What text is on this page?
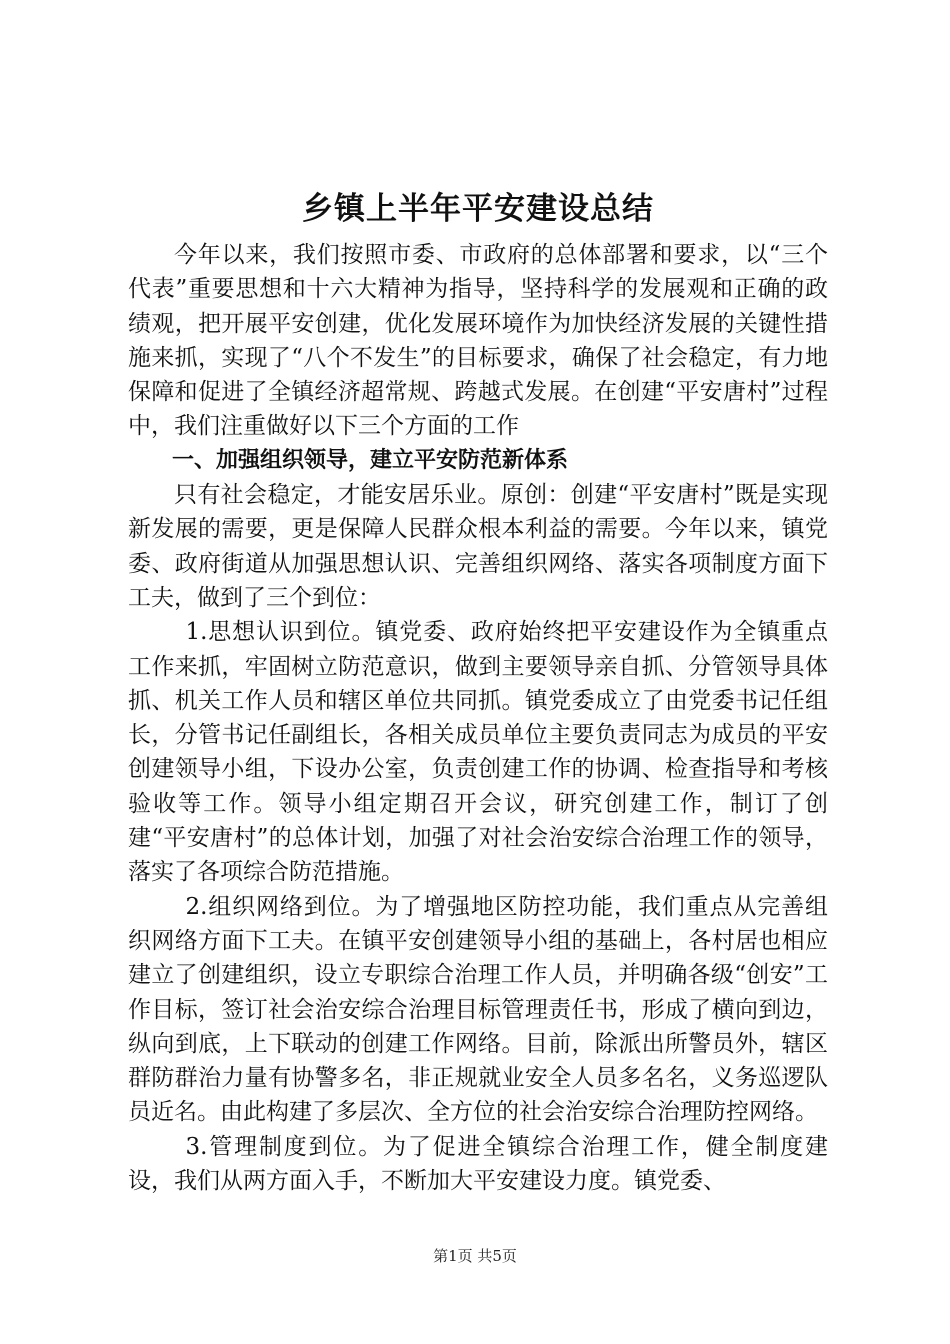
乡镇上半年平安建设总结

今年以来，我们按照市委、市政府的总体部署和要求，以“三个代表”重要思想和十六大精神为指导，坚持科学的发展观和正确的政绩观，把开展平安创建，优化发展环境作为加快经济发展的关键性措施来抓，实现了“八个不发生”的目标要求，确保了社会稳定，有力地保障和促进了全镇经济超常规、跨越式发展。在创建“平安唐村”过程中，我们注重做好以下三个方面的工作

一、加强组织领导，建立平安防范新体系

只有社会稳定，才能安居乐业。原创：创建“平安唐村”既是实现新发展的需要，更是保障人民群众根本利益的需要。今年以来，镇党委、政府街道从加强思想认识、完善组织网络、落实各项制度方面下工夫，做到了三个到位：

1.思想认识到位。镇党委、政府始终把平安建设作为全镇重点工作来抓，牢固树立防范意识，做到主要领导亲自抓、分管领导具体抓、机关工作人员和辖区单位共同抓。镇党委成立了由党委书记任组长，分管书记任副组长，各相关成员单位主要负责同志为成员的平安创建领导小组，下设办公室，负责创建工作的协调、检查指导和考核验收等工作。领导小组定期召开会议，研究创建工作，制订了创建“平安唐村”的总体计划，加强了对社会治安综合治理工作的领导，落实了各项综合防范措施。

2.组织网络到位。为了增强地区防控功能，我们重点从完善组织网络方面下工夫。在镇平安创建领导小组的基础上，各村居也相应建立了创建组织，设立专职综合治理工作人员，并明确各级“创安”工作目标，签订社会治安综合治理目标管理责任书，形成了横向到边，纵向到底，上下联动的创建工作网络。目前，除派出所警员外，辖区群防群治力量有协警多名，非正规就业安全人员多名名，义务巡逻队员近名。由此构建了多层次、全方位的社会治安综合治理防控网络。

3.管理制度到位。为了促进全镇综合治理工作，健全制度建设，我们从两方面入手，不断加大平安建设力度。镇党委、

第1页 共5页
